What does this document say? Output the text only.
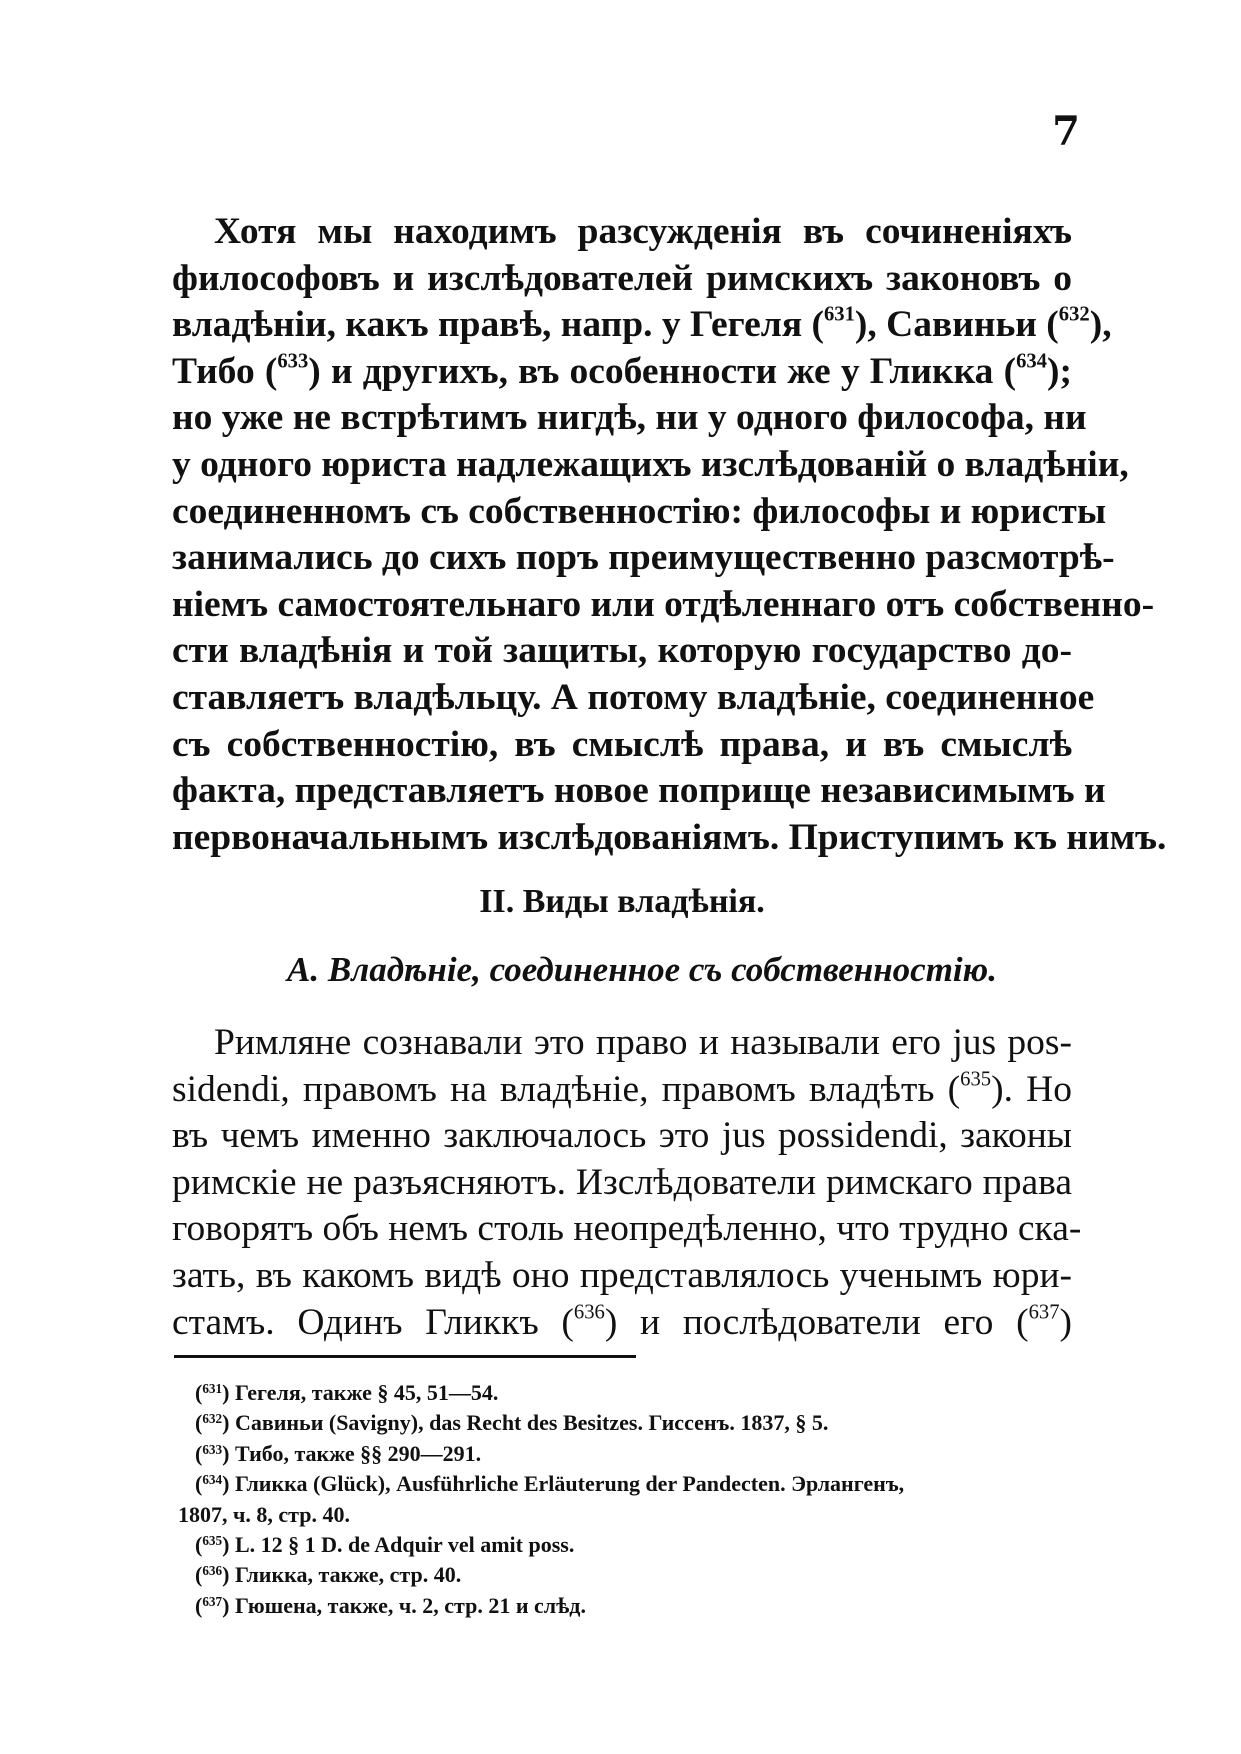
7
Хотя мы находимъ разсужденія въ сочиненіяхъ
философовъ и изслѣдователей римскихъ законовъ о
владѣніи, какъ правѣ, напр. у Гегеля ($^{631}$), Савиньи ($^{632}$),
Тибо ($^{633}$) и другихъ, въ особенности же у Гликка ($^{634}$);
но уже не встрѣтимъ нигдѣ, ни у одного философа, ни
у одного юриста надлежащихъ изслѣдованій о владѣніи,
соединенномъ съ собственностію: философы и юристы
занимались до сихъ поръ преимущественно разсмотрѣ-
ніемъ самостоятельнаго или отдѣленнаго отъ собственно-
сти владѣнія и той защиты, которую государство до-
ставляетъ владѣльцу. А потому владѣніе, соединенное
съ собственностію, въ смыслѣ права, и въ смыслѣ
факта, представляетъ новое поприще независимымъ и
первоначальнымъ изслѣдованіямъ. Приступимъ къ нимъ.
II. Виды владѣнія.
А. Владѣніе, соединенное съ собственностію.
Римляне сознавали это право и называли его jus pos-
sidendi, правомъ на владѣніе, правомъ владѣть ($^{635}$). Но
въ чемъ именно заключалось это jus possidendi, законы
римскіе не разъясняютъ. Изслѣдователи римскаго права
говорятъ объ немъ столь неопредѣленно, что трудно ска-
зать, въ какомъ видѣ оно представлялось ученымъ юри-
стамъ. Одинъ Гликкъ ($^{636}$) и послѣдователи его ($^{637}$)
($^{631}$) Гегеля, также § 45, 51—54.
($^{632}$) Савиньи (Savigny), das Recht des Besitzes. Гиссенъ. 1837, § 5.
($^{633}$) Тибо, также §§ 290—291.
($^{634}$) Гликка (Glück), Ausführliche Erläuterung der Pandecten. Эрлангенъ,
1807, ч. 8, стр. 40.
($^{635}$) L. 12 § 1 D. de Adquir vel amit poss.
($^{636}$) Гликка, также, стр. 40.
($^{637}$) Гюшена, также, ч. 2, стр. 21 и слѣд.
